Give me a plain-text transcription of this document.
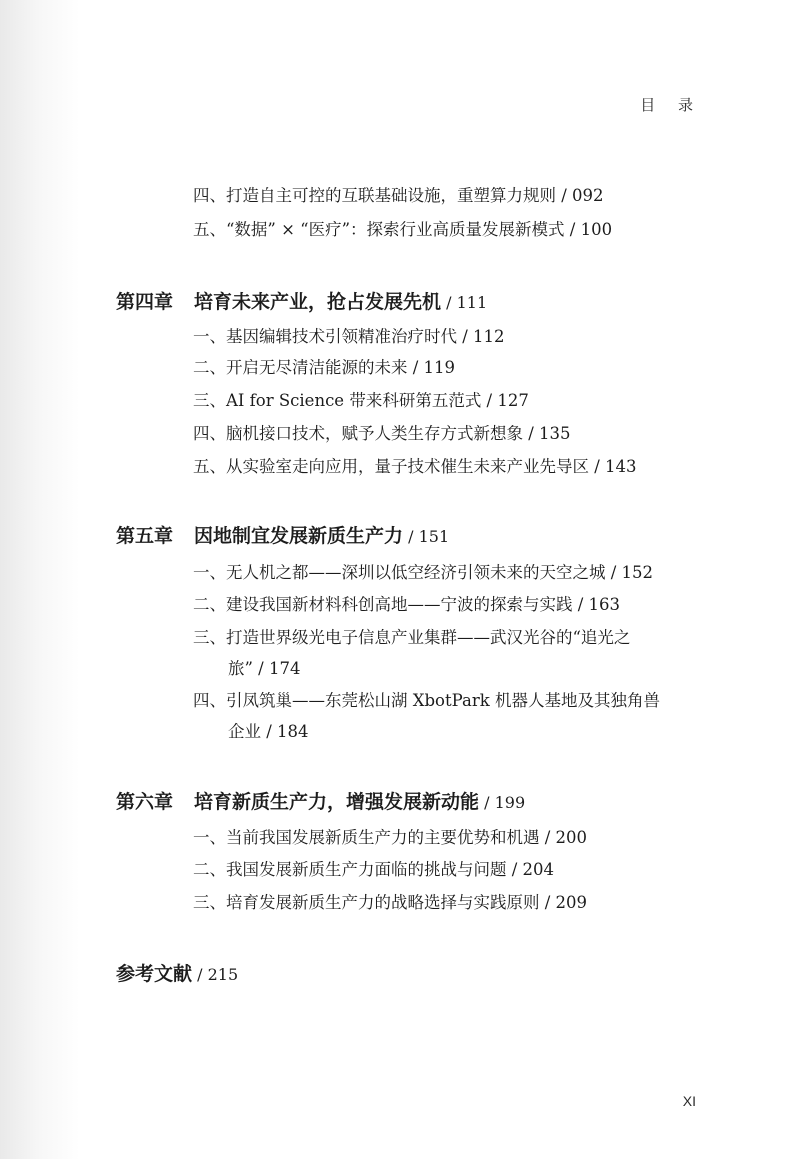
目 录
四、打造自主可控的互联基础设施，重塑算力规则 / 092
五、“数据” × “医疗”：探索行业高质量发展新模式 / 100
第四章 培育未来产业，抢占发展先机 / 111
一、基因编辑技术引领精准治疗时代 / 112
二、开启无尽清洁能源的未来 / 119
三、AI for Science 带来科研第五范式 / 127
四、脑机接口技术，赋予人类生存方式新想象 / 135
五、从实验室走向应用，量子技术催生未来产业先导区 / 143
第五章 因地制宜发展新质生产力 / 151
一、无人机之都——深圳以低空经济引领未来的天空之城 / 152
二、建设我国新材料科创高地——宁波的探索与实践 / 163
三、打造世界级光电子信息产业集群——武汉光谷的“追光之
旅” / 174
四、引凤筑巢——东莞松山湖 XbotPark 机器人基地及其独角兽
企业 / 184
第六章 培育新质生产力，增强发展新动能 / 199
一、当前我国发展新质生产力的主要优势和机遇 / 200
二、我国发展新质生产力面临的挑战与问题 / 204
三、培育发展新质生产力的战略选择与实践原则 / 209
参考文献 / 215
XI
